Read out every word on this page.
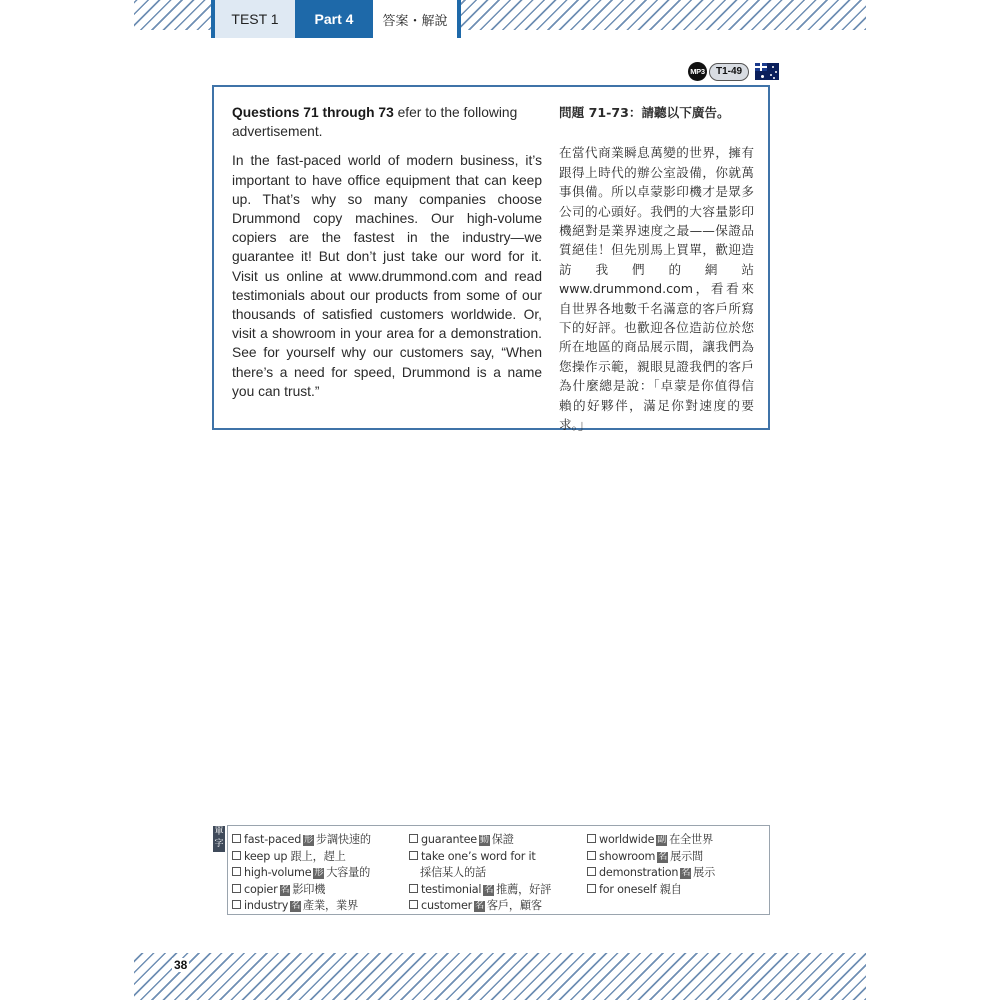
TEST 1	Part 4	答案・解說
MP3	T1-49

Questions 71 through 73 efer to the following advertisement.

In the fast-paced world of modern business, it’s important to have office equipment that can keep up. That’s why so many companies choose Drummond copy machines. Our high-volume copiers are the fastest in the industry—we guarantee it! But don’t just take our word for it. Visit us online at www.drummond.com and read testimonials about our products from some of our thousands of satisfied customers worldwide. Or, visit a showroom in your area for a demonstration. See for yourself why our customers say, “When there’s a need for speed, Drummond is a name you can trust.”

問題 71-73：請聽以下廣告。

在當代商業瞬息萬變的世界，擁有跟得上時代的辦公室設備，你就萬事俱備。所以卓蒙影印機才是眾多公司的心頭好。我們的大容量影印機絕對是業界速度之最——保證品質絕佳！但先別馬上買單，歡迎造訪我們的網站 www.drummond.com，看看來自世界各地數千名滿意的客戶所寫下的好評。也歡迎各位造訪位於您所在地區的商品展示間，讓我們為您操作示範，親眼見證我們的客戶為什麼總是說：「卓蒙是你值得信賴的好夥伴，滿足你對速度的要求。」

單字	fast-paced 形 步調快速的
keep up 跟上，趕上
high-volume 形 大容量的
copier 名 影印機
industry 名 產業，業界
guarantee 動 保證
take one’s word for it
採信某人的話
testimonial 名 推薦，好評
customer 名 客戶，顧客
worldwide 副 在全世界
showroom 名 展示間
demonstration 名 展示
for oneself 親自
38
